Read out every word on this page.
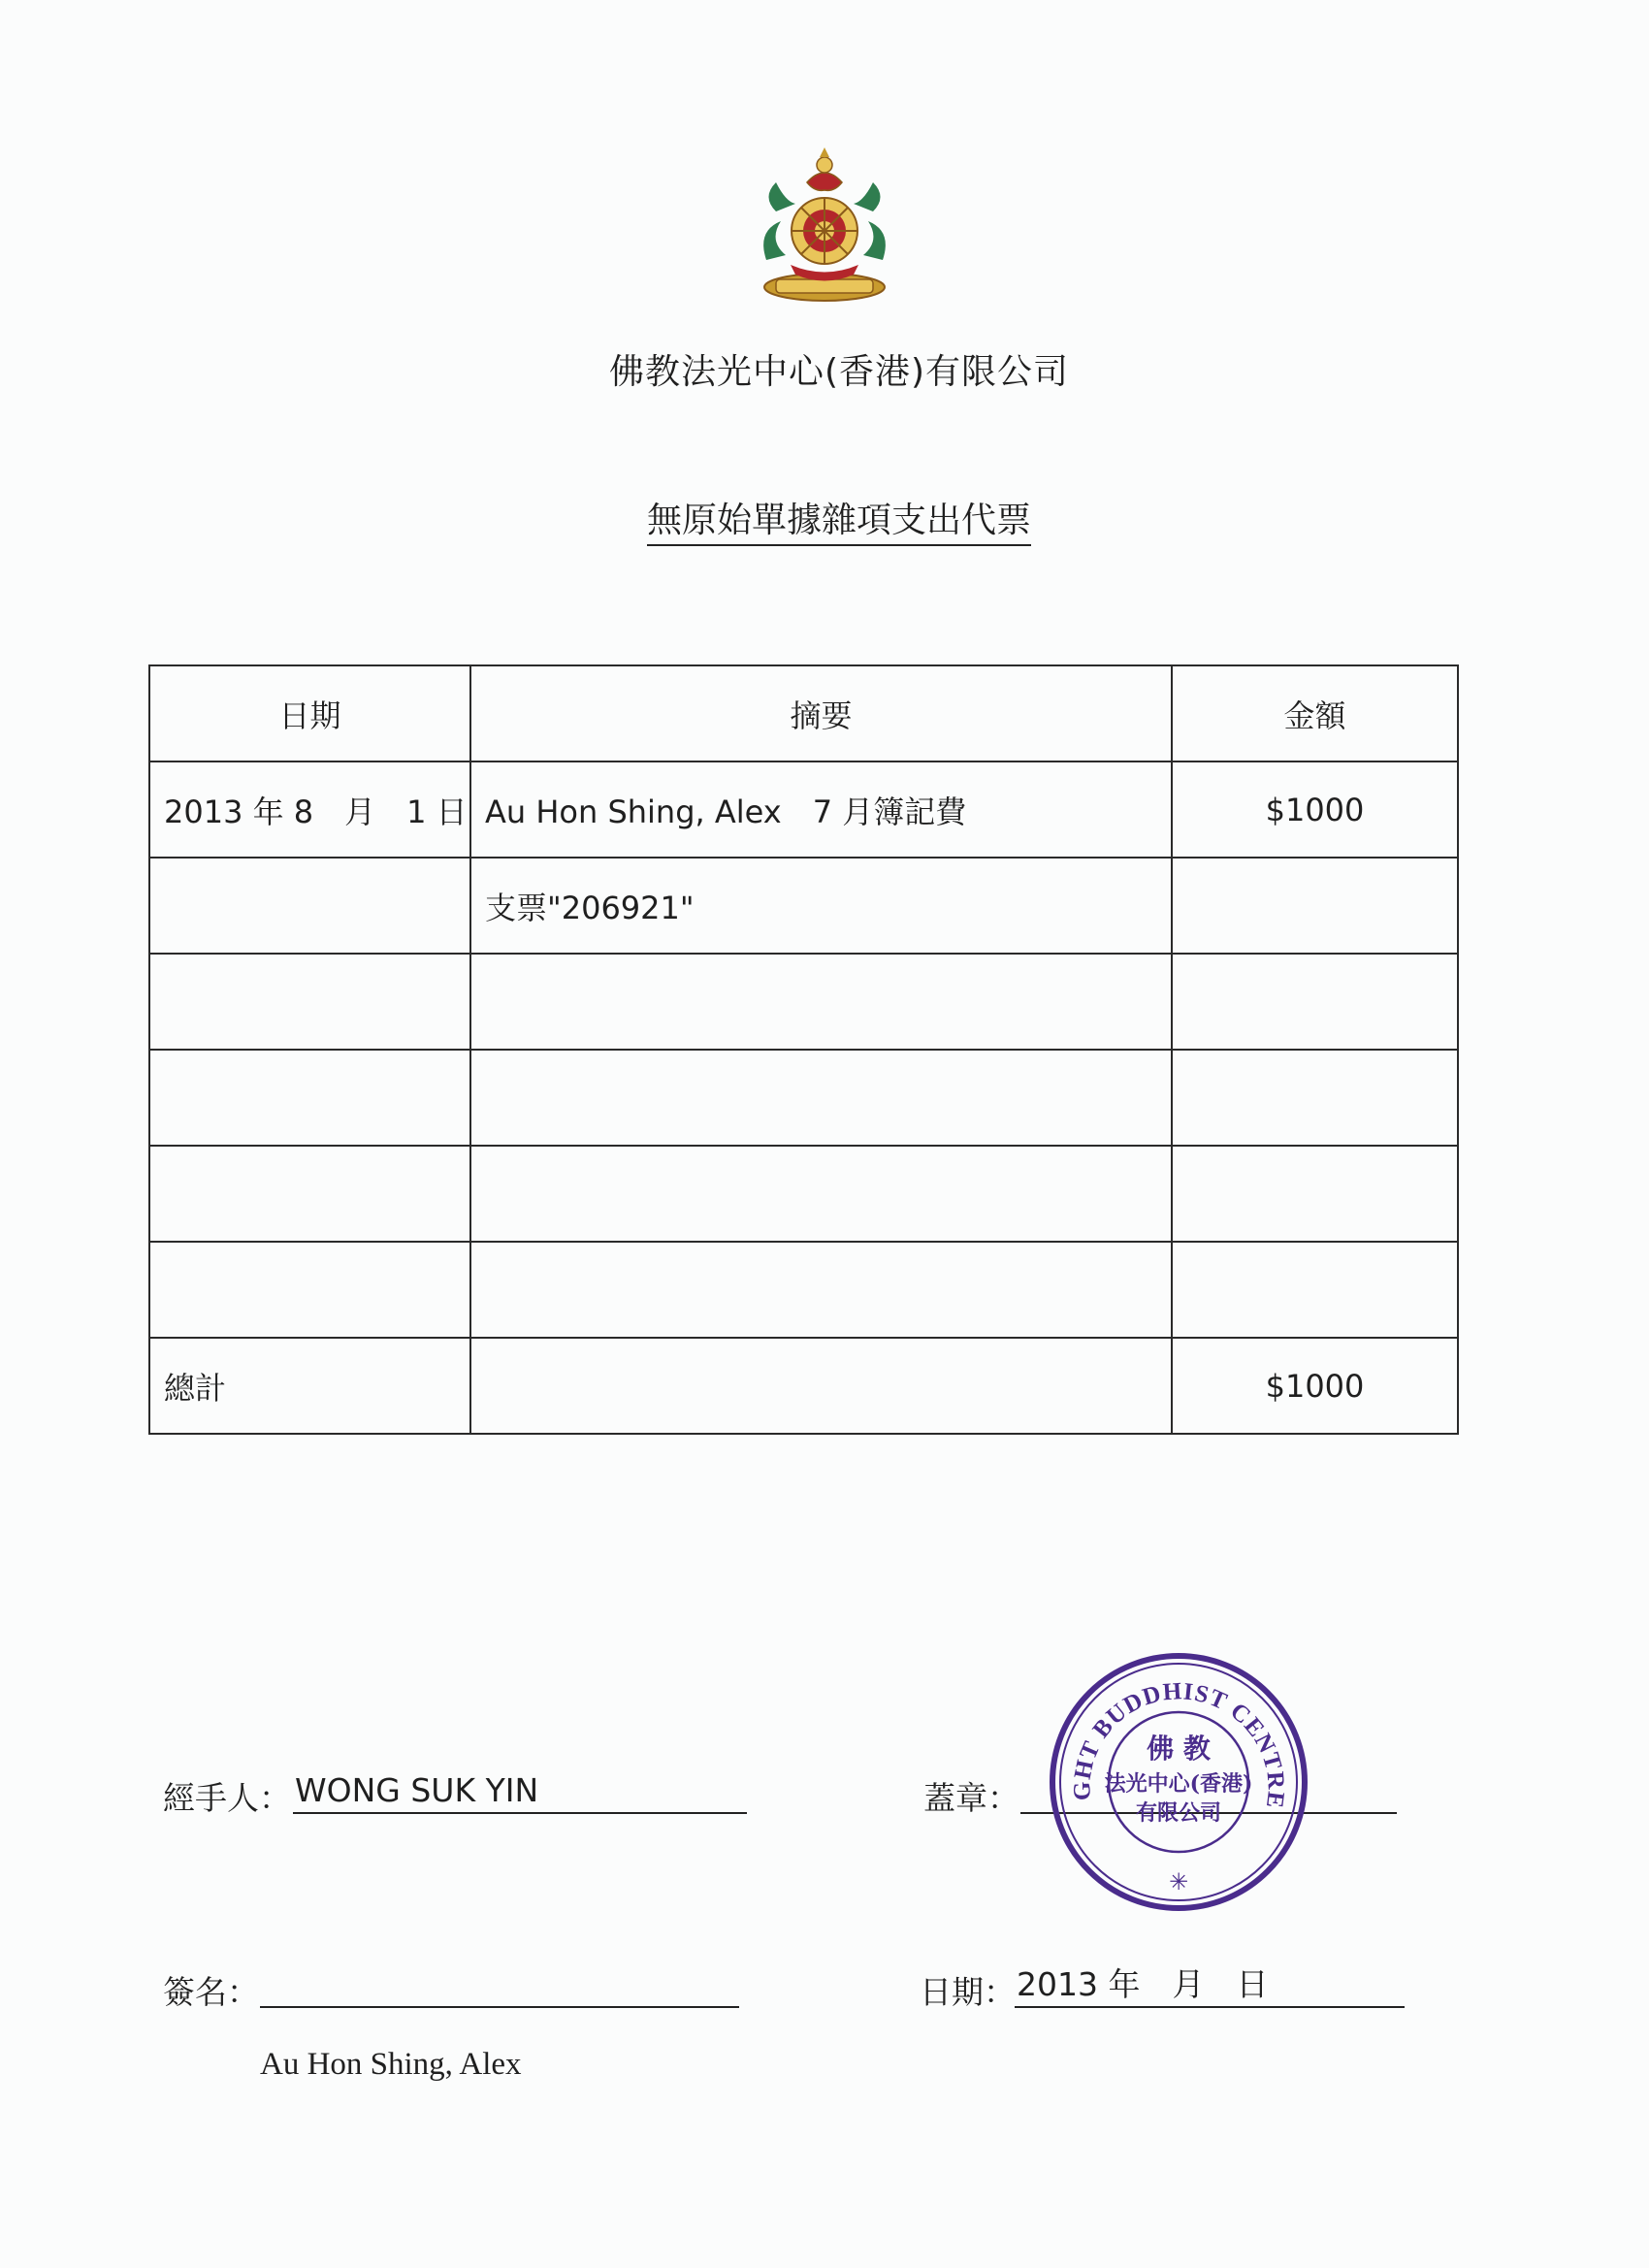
佛教法光中心(香港)有限公司
無原始單據雜項支出代票
日期	摘要	金額
2013 年 8　月　1 日	Au Hon Shing, Alex　7 月簿記費	$1000
	支票"206921"	

總計		$1000
經手人： WONG SUK YIN	蓋章：	GHT BUDDHIST CENTRE
佛 教
法光中心(香港)
有限公司
✳
簽名：
Au Hon Shing, Alex
日期： 2013 年　月　日
